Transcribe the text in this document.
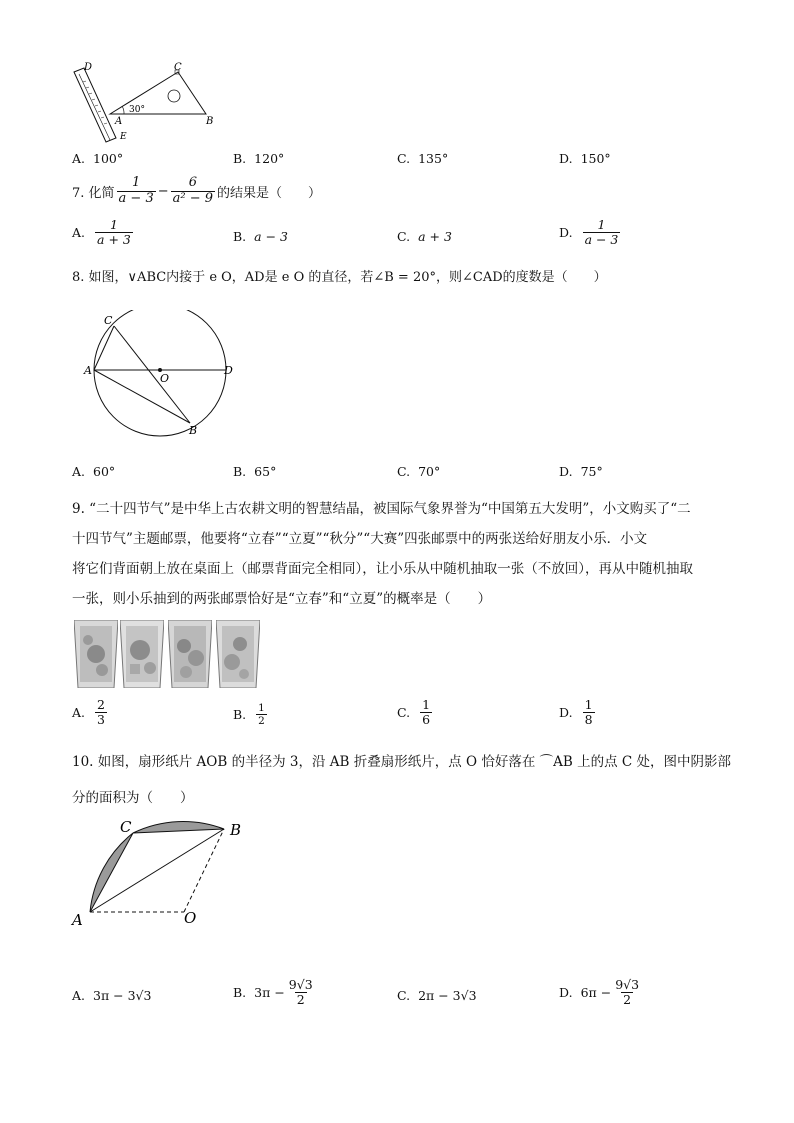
D	C
B
A
E
30°
A. 100°	B. 120°	C. 135°	D. 150°
7. 化简 $\frac{1}{a - 3} - \frac{6}{\text{a² − 9}}$ 的结果是（　　）
A. $\frac{1}{a + 3}$	B. a − 3	C. a + 3	D. $\frac{1}{a - 3}$
8. 如图，∨ABC内接于 e O，AD是 e O 的直径，若∠B = 20°，则∠CAD的度数是（　　）
C
A
O
D
B
A. 60°	B. 65°	C. 70°	D. 75°
9. “二十四节气”是中华上古农耕文明的智慧结晶，被国际气象界誉为“中国第五大发明”，小文购买了“二
十四节气”主题邮票，他要将“立春”“立夏”“秋分”“大赛”四张邮票中的两张送给好朋友小乐．小文
将它们背面朝上放在桌面上（邮票背面完全相同），让小乐从中随机抽取一张（不放回），再从中随机抽取
一张，则小乐抽到的两张邮票恰好是“立春”和“立夏”的概率是（　　）
A. $\frac{2}{3}$	B. $\frac{1}{2}$	C. $\frac{1}{6}$	D. $\frac{1}{8}$
10. 如图，扇形纸片 AOB 的半径为 3，沿 AB 折叠扇形纸片，点 O 恰好落在 ⌒AB 上的点 C 处，图中阴影部
分的面积为（　　）
C	B
A	O
A. 3π − 3√3	B. $3\pi - \frac{9√3}{2}$	C. 2π − 3√3	D. $6\pi - \frac{9√3}{2}$
